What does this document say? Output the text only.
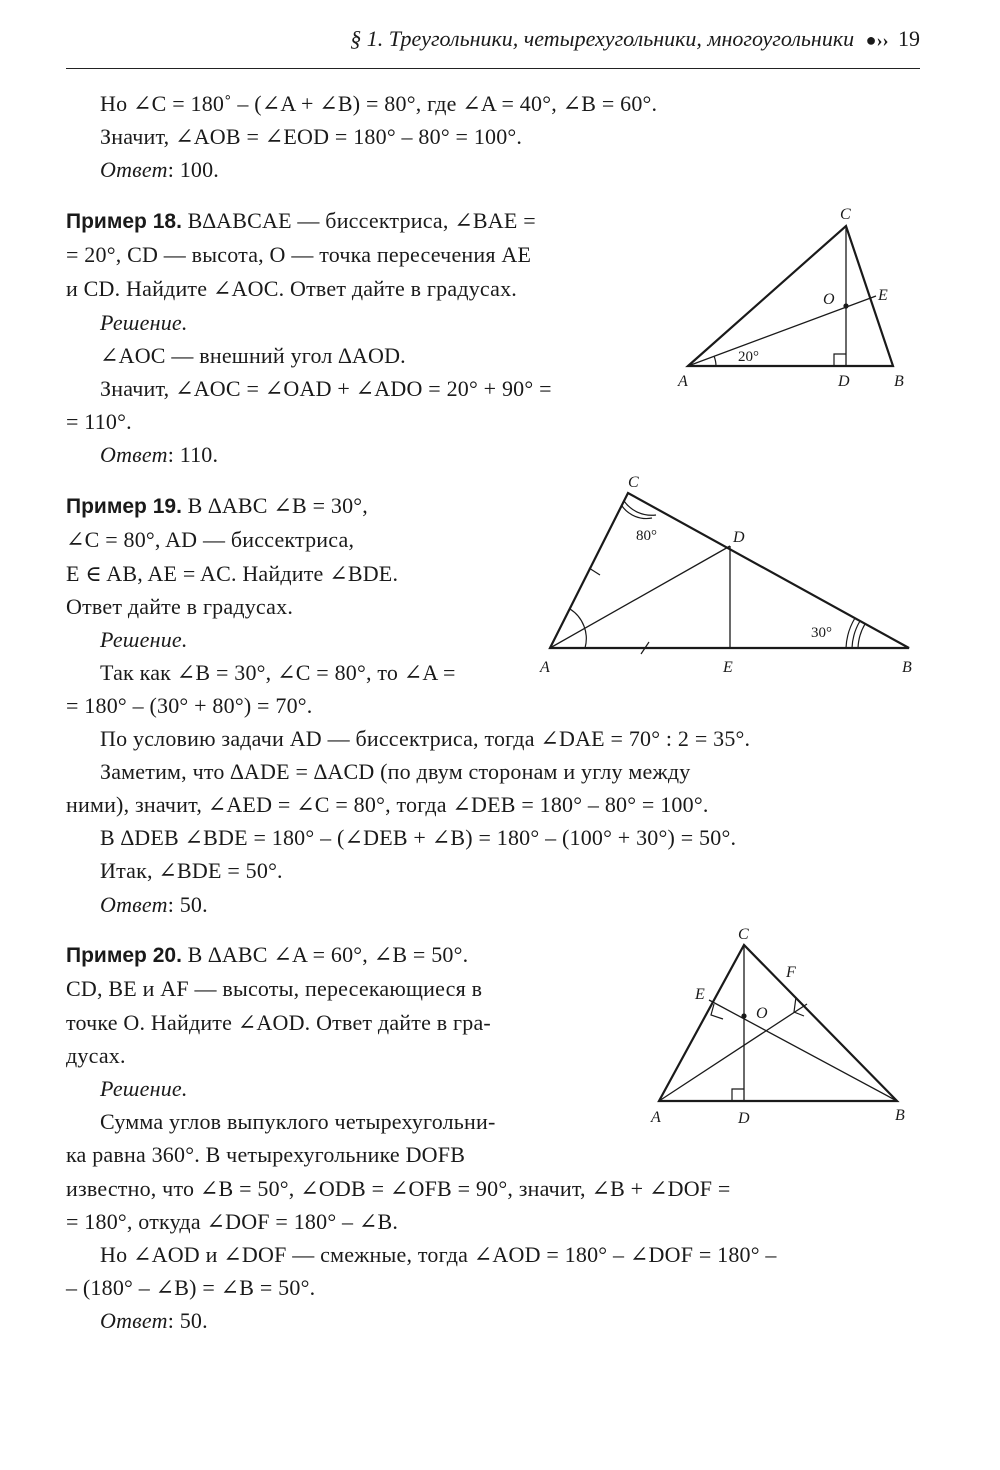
§ 1. Треугольники, четырехугольники, многоугольники ●›› 19
Но ∠C = 180˚ – (∠A + ∠B) = 80°, где ∠A = 40°, ∠B = 60°.
Значит, ∠AOB = ∠EOD = 180° – 80° = 100°.
Ответ: 100.
Пример 18. В∆ABCAE — биссектриса, ∠BAE =
= 20°, CD — высота, O — точка пересечения AE
и CD. Найдите ∠AOC. Ответ дайте в градусах.
Решение.
∠AOC — внешний угол ∆AOD.
Значит, ∠AOC = ∠OAD + ∠ADO = 20° + 90° =
= 110°.
Ответ: 110.
C
O	E
A	D	B
20°
Пример 19. В ∆ABC ∠B = 30°,
∠C = 80°, AD — биссектриса,
E ∈ AB, AE = AC. Найдите ∠BDE.
Ответ дайте в градусах.
Решение.
Так как ∠B = 30°, ∠C = 80°, то ∠A =
= 180° – (30° + 80°) = 70°.
По условию задачи AD — биссектриса, тогда ∠DAE = 70° : 2 = 35°.
Заметим, что ∆ADE = ∆ACD (по двум сторонам и углу между
ними), значит, ∠AED = ∠C = 80°, тогда ∠DEB = 180° – 80° = 100°.
В ∆DEB ∠BDE = 180° – (∠DEB + ∠B) = 180° – (100° + 30°) = 50°.
Итак, ∠BDE = 50°.
Ответ: 50.
C
D
A	E	B
80°
30°
Пример 20. В ∆ABC ∠A = 60°, ∠B = 50°.
CD, BE и AF — высоты, пересекающиеся в
точке O. Найдите ∠AOD. Ответ дайте в гра-
дусах.
Решение.
Сумма углов выпуклого четырехугольни-
ка равна 360°. В четырехугольнике DOFB
известно, что ∠B = 50°, ∠ODB = ∠OFB = 90°, значит, ∠B + ∠DOF =
= 180°, откуда ∠DOF = 180° – ∠B.
Но ∠AOD и ∠DOF — смежные, тогда ∠AOD = 180° – ∠DOF = 180° –
– (180° – ∠B) = ∠B = 50°.
Ответ: 50.
C
F
E
O
A	D	B
